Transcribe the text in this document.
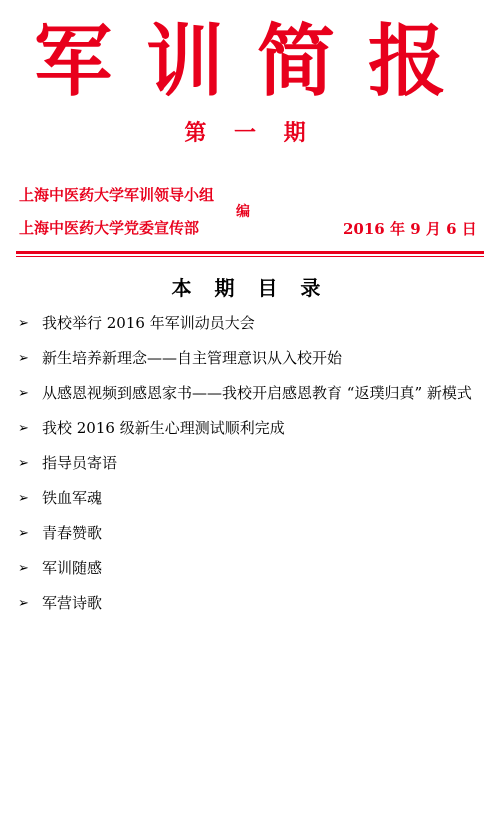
军 训 简 报
第 一 期
上海中医药大学军训领导小组
上海中医药大学党委宣传部
编
2016 年 9 月 6 日
本 期 目 录
➢ 我校举行 2016 年军训动员大会
➢ 新生培养新理念——自主管理意识从入校开始
➢ 从感恩视频到感恩家书——我校开启感恩教育 “返璞归真” 新模式
➢ 我校 2016 级新生心理测试顺利完成
➢ 指导员寄语
➢ 铁血军魂
➢ 青春赞歌
➢ 军训随感
➢ 军营诗歌
